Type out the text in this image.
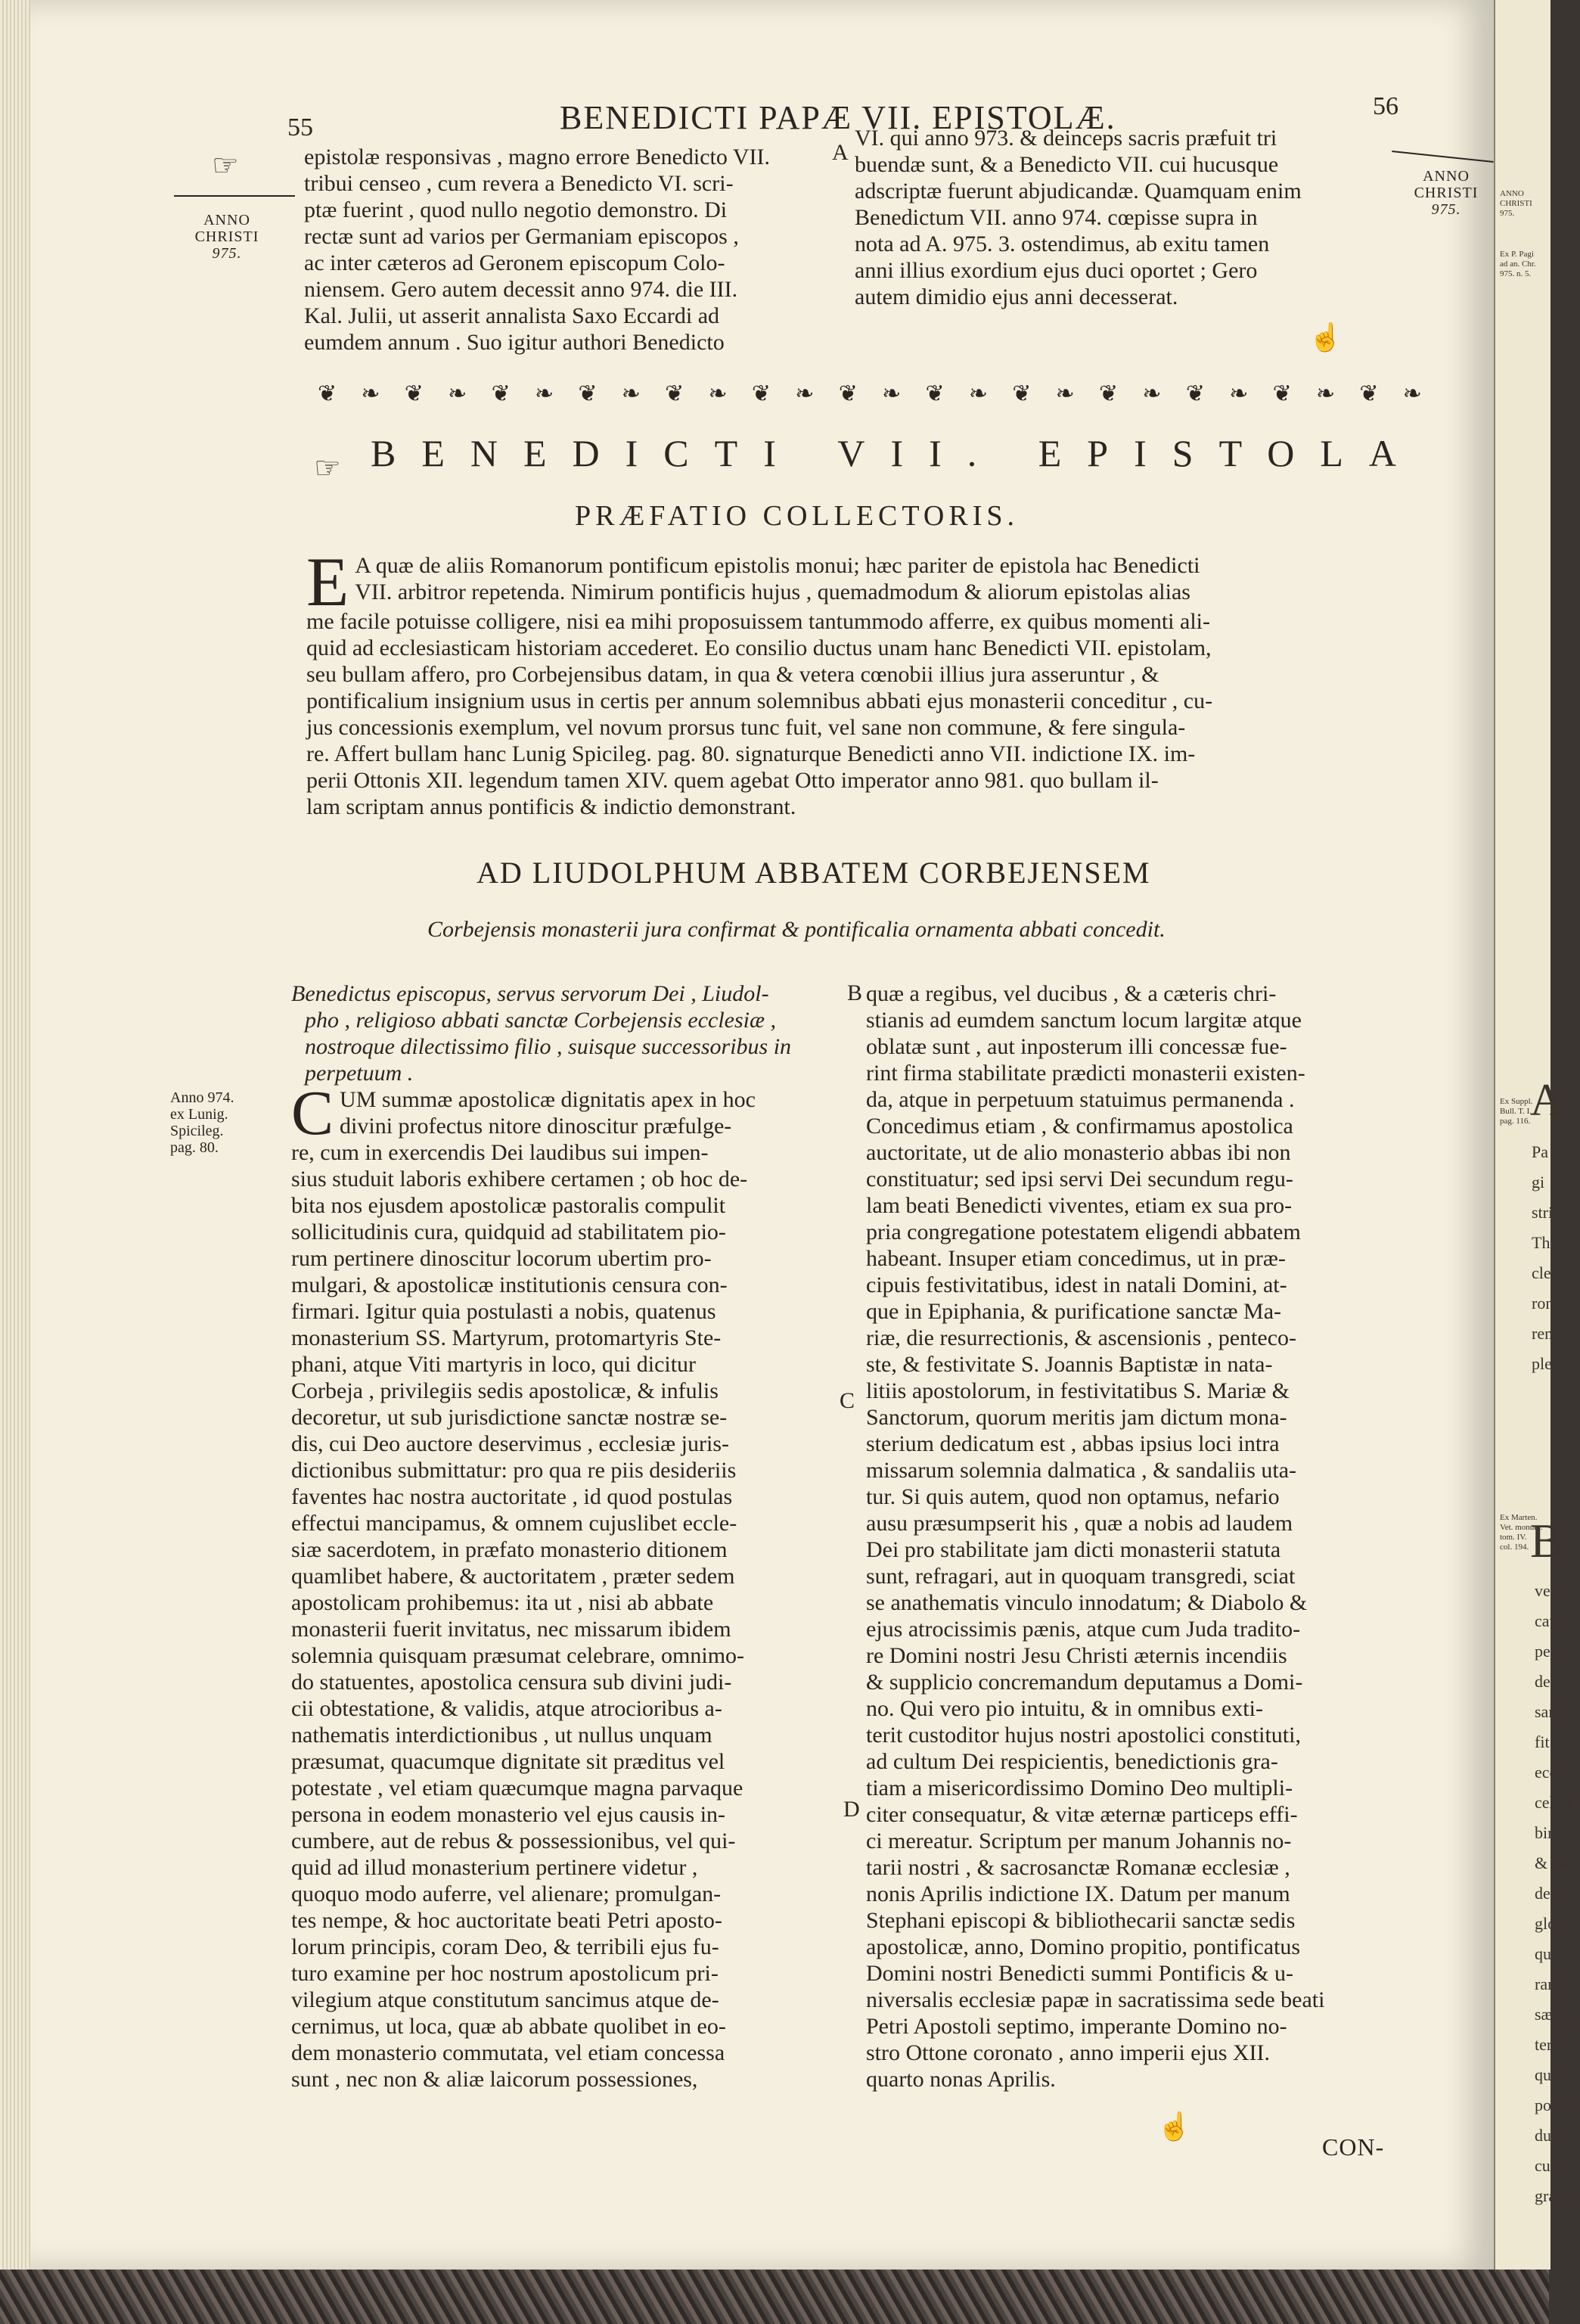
55	BENEDICTI PAPÆ VII. EPISTOLÆ.	56
☞
ANNO
CHRISTI
975.
ANNO
CHRISTI
975.
epistolæ responsivas , magno errore Benedicto VII.
tribui censeo , cum revera a Benedicto VI. scri-
ptæ fuerint , quod nullo negotio demonstro. Di
rectæ sunt ad varios per Germaniam episcopos ,
ac inter cæteros ad Geronem episcopum Colo-
niensem. Gero autem decessit anno 974. die III.
Kal. Julii, ut asserit annalista Saxo Eccardi ad
eumdem annum . Suo igitur authori Benedicto
A
VI. qui anno 973. & deinceps sacris præfuit tri
buendæ sunt, & a Benedicto VII. cui hucusque
adscriptæ fuerunt abjudicandæ. Quamquam enim
Benedictum VII. anno 974. cœpisse supra in
nota ad A. 975. 3. ostendimus, ab exitu tamen
anni illius exordium ejus duci oportet ; Gero
autem dimidio ejus anni decesserat.
☝
❦ ❧ ❦ ❧ ❦ ❧ ❦ ❧ ❦ ❧ ❦ ❧ ❦ ❧ ❦ ❧ ❦ ❧ ❦ ❧ ❦ ❧ ❦ ❧ ❦ ❧
☞ BENEDICTI VII. EPISTOLA
PRÆFATIO COLLECTORIS.
E A quæ de aliis Romanorum pontificum epistolis monui; hæc pariter de epistola hac Benedicti
VII. arbitror repetenda. Nimirum pontificis hujus , quemadmodum & aliorum epistolas alias
me facile potuisse colligere, nisi ea mihi proposuissem tantummodo afferre, ex quibus momenti ali-
quid ad ecclesiasticam historiam accederet. Eo consilio ductus unam hanc Benedicti VII. epistolam,
seu bullam affero, pro Corbejensibus datam, in qua & vetera cœnobii illius jura asseruntur , &
pontificalium insignium usus in certis per annum solemnibus abbati ejus monasterii conceditur , cu-
jus concessionis exemplum, vel novum prorsus tunc fuit, vel sane non commune, & fere singula-
re. Affert bullam hanc Lunig Spicileg. pag. 80. signaturque Benedicti anno VII. indictione IX. im-
perii Ottonis XII. legendum tamen XIV. quem agebat Otto imperator anno 981. quo bullam il-
lam scriptam annus pontificis & indictio demonstrant.
AD LIUDOLPHUM ABBATEM CORBEJENSEM
Corbejensis monasterii jura confirmat & pontificalia ornamenta abbati concedit.
Anno 974.
ex Lunig.
Spicileg.
pag. 80.
Benedictus episcopus, servus servorum Dei , Liudol-
pho , religioso abbati sanctæ Corbejensis ecclesiæ ,
nostroque dilectissimo filio , suisque successoribus in
perpetuum .
C UM summæ apostolicæ dignitatis apex in hoc
divini profectus nitore dinoscitur præfulge-
re, cum in exercendis Dei laudibus sui impen-
sius studuit laboris exhibere certamen ; ob hoc de-
bita nos ejusdem apostolicæ pastoralis compulit
sollicitudinis cura, quidquid ad stabilitatem pio-
rum pertinere dinoscitur locorum ubertim pro-
mulgari, & apostolicæ institutionis censura con-
firmari. Igitur quia postulasti a nobis, quatenus
monasterium SS. Martyrum, protomartyris Ste-
phani, atque Viti martyris in loco, qui dicitur
Corbeja , privilegiis sedis apostolicæ, & infulis
decoretur, ut sub jurisdictione sanctæ nostræ se-
dis, cui Deo auctore deservimus , ecclesiæ juris-
dictionibus submittatur: pro qua re piis desideriis
faventes hac nostra auctoritate , id quod postulas
effectui mancipamus, & omnem cujuslibet eccle-
siæ sacerdotem, in præfato monasterio ditionem
quamlibet habere, & auctoritatem , præter sedem
apostolicam prohibemus: ita ut , nisi ab abbate
monasterii fuerit invitatus, nec missarum ibidem
solemnia quisquam præsumat celebrare, omnimo-
do statuentes, apostolica censura sub divini judi-
cii obtestatione, & validis, atque atrocioribus a-
nathematis interdictionibus , ut nullus unquam
præsumat, quacumque dignitate sit præditus vel
potestate , vel etiam quæcumque magna parvaque
persona in eodem monasterio vel ejus causis in-
cumbere, aut de rebus & possessionibus, vel qui-
quid ad illud monasterium pertinere videtur ,
quoquo modo auferre, vel alienare; promulgan-
tes nempe, & hoc auctoritate beati Petri aposto-
lorum principis, coram Deo, & terribili ejus fu-
turo examine per hoc nostrum apostolicum pri-
vilegium atque constitutum sancimus atque de-
cernimus, ut loca, quæ ab abbate quolibet in eo-
dem monasterio commutata, vel etiam concessa
sunt , nec non & aliæ laicorum possessiones,
B
C
D
quæ a regibus, vel ducibus , & a cæteris chri-
stianis ad eumdem sanctum locum largitæ atque
oblatæ sunt , aut inposterum illi concessæ fue-
rint firma stabilitate prædicti monasterii existen-
da, atque in perpetuum statuimus permanenda .
Concedimus etiam , & confirmamus apostolica
auctoritate, ut de alio monasterio abbas ibi non
constituatur; sed ipsi servi Dei secundum regu-
lam beati Benedicti viventes, etiam ex sua pro-
pria congregatione potestatem eligendi abbatem
habeant. Insuper etiam concedimus, ut in præ-
cipuis festivitatibus, idest in natali Domini, at-
que in Epiphania, & purificatione sanctæ Ma-
riæ, die resurrectionis, & ascensionis , penteco-
ste, & festivitate S. Joannis Baptistæ in nata-
litiis apostolorum, in festivitatibus S. Mariæ &
Sanctorum, quorum meritis jam dictum mona-
sterium dedicatum est , abbas ipsius loci intra
missarum solemnia dalmatica , & sandaliis uta-
tur. Si quis autem, quod non optamus, nefario
ausu præsumpserit his , quæ a nobis ad laudem
Dei pro stabilitate jam dicti monasterii statuta
sunt, refragari, aut in quoquam transgredi, sciat
se anathematis vinculo innodatum; & Diabolo &
ejus atrocissimis pænis, atque cum Juda tradito-
re Domini nostri Jesu Christi æternis incendiis
& supplicio concremandum deputamus a Domi-
no. Qui vero pio intuitu, & in omnibus exti-
terit custoditor hujus nostri apostolici constituti,
ad cultum Dei respicientis, benedictionis gra-
tiam a misericordissimo Domino Deo multipli-
citer consequatur, & vitæ æternæ particeps effi-
ci mereatur. Scriptum per manum Johannis no-
tarii nostri , & sacrosanctæ Romanæ ecclesiæ ,
nonis Aprilis indictione IX. Datum per manum
Stephani episcopi & bibliothecarii sanctæ sedis
apostolicæ, anno, Domino propitio, pontificatus
Domini nostri Benedicti summi Pontificis & u-
niversalis ecclesiæ papæ in sacratissima sede beati
Petri Apostoli septimo, imperante Domino no-
stro Ottone coronato , anno imperii ejus XII.
quarto nonas Aprilis.
☝
CON-
ANNO
CHRISTI
975.
Ex P. Pagi
ad an. Chr.
975. n. 5.
Ex Suppl.
Bull. T. I.
pag. 116. A
Ex Marten.
Vet. monum.
tom. IV.
col. 194. B
Pa
gi
stri
Th
cle
roni
rem
pler
verst
cathe
perpe
de o
sancti
fit
eccle
cellor
bin
& Ge
devot
glorio
que a
rando
sæpius
territ
quæ c
possid
ducere
cum a
gratui
